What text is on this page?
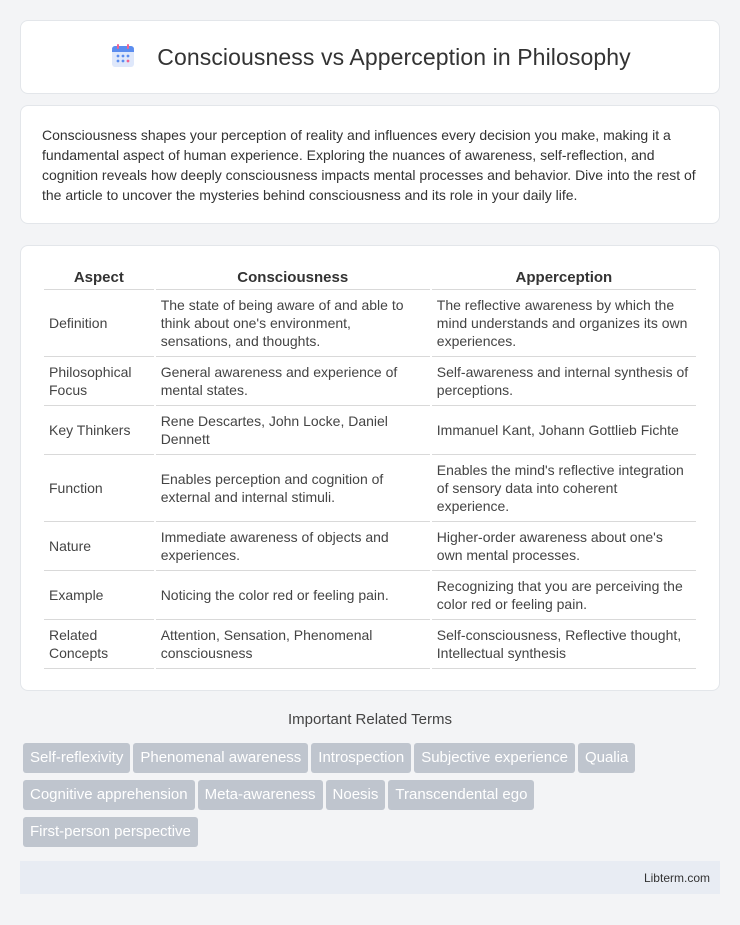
Consciousness vs Apperception in Philosophy

Consciousness shapes your perception of reality and influences every decision you make, making it a fundamental aspect of human experience. Exploring the nuances of awareness, self-reflection, and cognition reveals how deeply consciousness impacts mental processes and behavior. Dive into the rest of the article to uncover the mysteries behind consciousness and its role in your daily life.

Aspect	Consciousness	Apperception
Definition	The state of being aware of and able to think about one's environment, sensations, and thoughts.	The reflective awareness by which the mind understands and organizes its own experiences.
Philosophical Focus	General awareness and experience of mental states.	Self-awareness and internal synthesis of perceptions.
Key Thinkers	Rene Descartes, John Locke, Daniel Dennett	Immanuel Kant, Johann Gottlieb Fichte
Function	Enables perception and cognition of external and internal stimuli.	Enables the mind's reflective integration of sensory data into coherent experience.
Nature	Immediate awareness of objects and experiences.	Higher-order awareness about one's own mental processes.
Example	Noticing the color red or feeling pain.	Recognizing that you are perceiving the color red or feeling pain.
Related Concepts	Attention, Sensation, Phenomenal consciousness	Self-consciousness, Reflective thought, Intellectual synthesis
Important Related Terms
Self-reflexivity Phenomenal awareness Introspection Subjective experience Qualia
Cognitive apprehension Meta-awareness Noesis Transcendental ego
First-person perspective
Libterm.com
